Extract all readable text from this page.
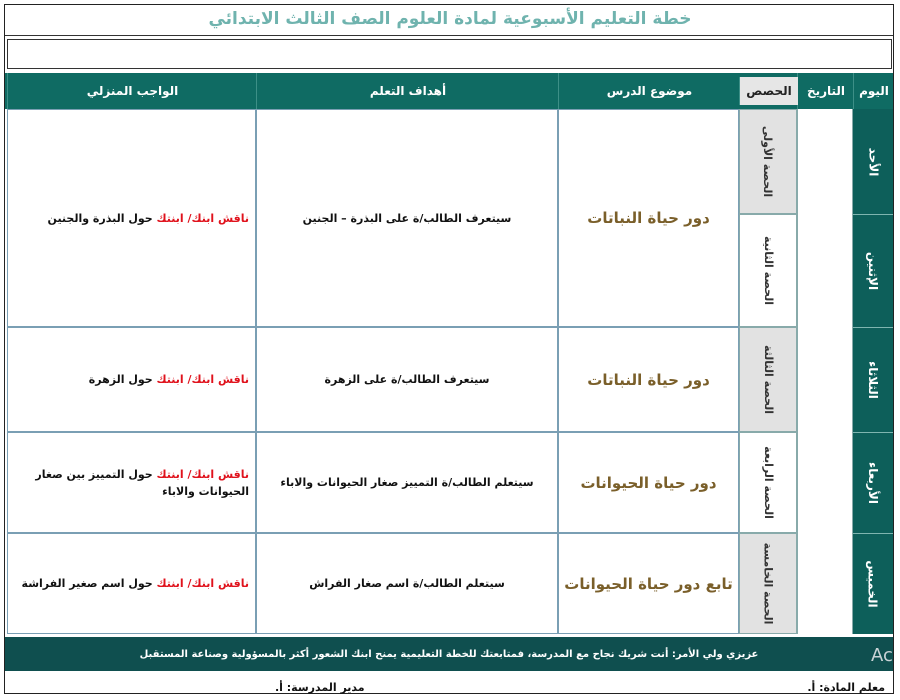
خطة التعليم الأسبوعية لمادة العلوم الصف الثالث الابتدائي
اليوم
التاريخ
الحصص
موضوع الدرس
أهداف التعلم
الواجب المنزلي
الأحد
الإثنين
الثلاثاء
الأربعاء
الخميس
الحصة الأولى
الحصة الثانية
الحصة الثالثة
الحصة الرابعة
الحصة الخامسة
دور حياة النباتات
سيتعرف الطالب/ة على البذرة – الجنين
ناقش ابنك/ ابنتك حول البذرة والجنين
دور حياة النباتات
سيتعرف الطالب/ة على الزهرة
ناقش ابنك/ ابنتك حول الزهرة
دور حياة الحيوانات
سيتعلم الطالب/ة التمييز صغار الحيوانات والاباء
ناقش ابنك/ ابنتك حول التمييز بين صغار الحيوانات والاباء
تابع دور حياة الحيوانات
سيتعلم الطالب/ة اسم صغار الفراش
ناقش ابنك/ ابنتك حول اسم صغير الفراشة
عزيزي ولي الأمر: أنت شريك نجاح مع المدرسة، فمتابعتك للخطة التعليمية يمنح ابنك الشعور أكثر بالمسؤولية وصناعة المستقبل	Ac
معلم المادة: أ.
مدير المدرسة: أ.
